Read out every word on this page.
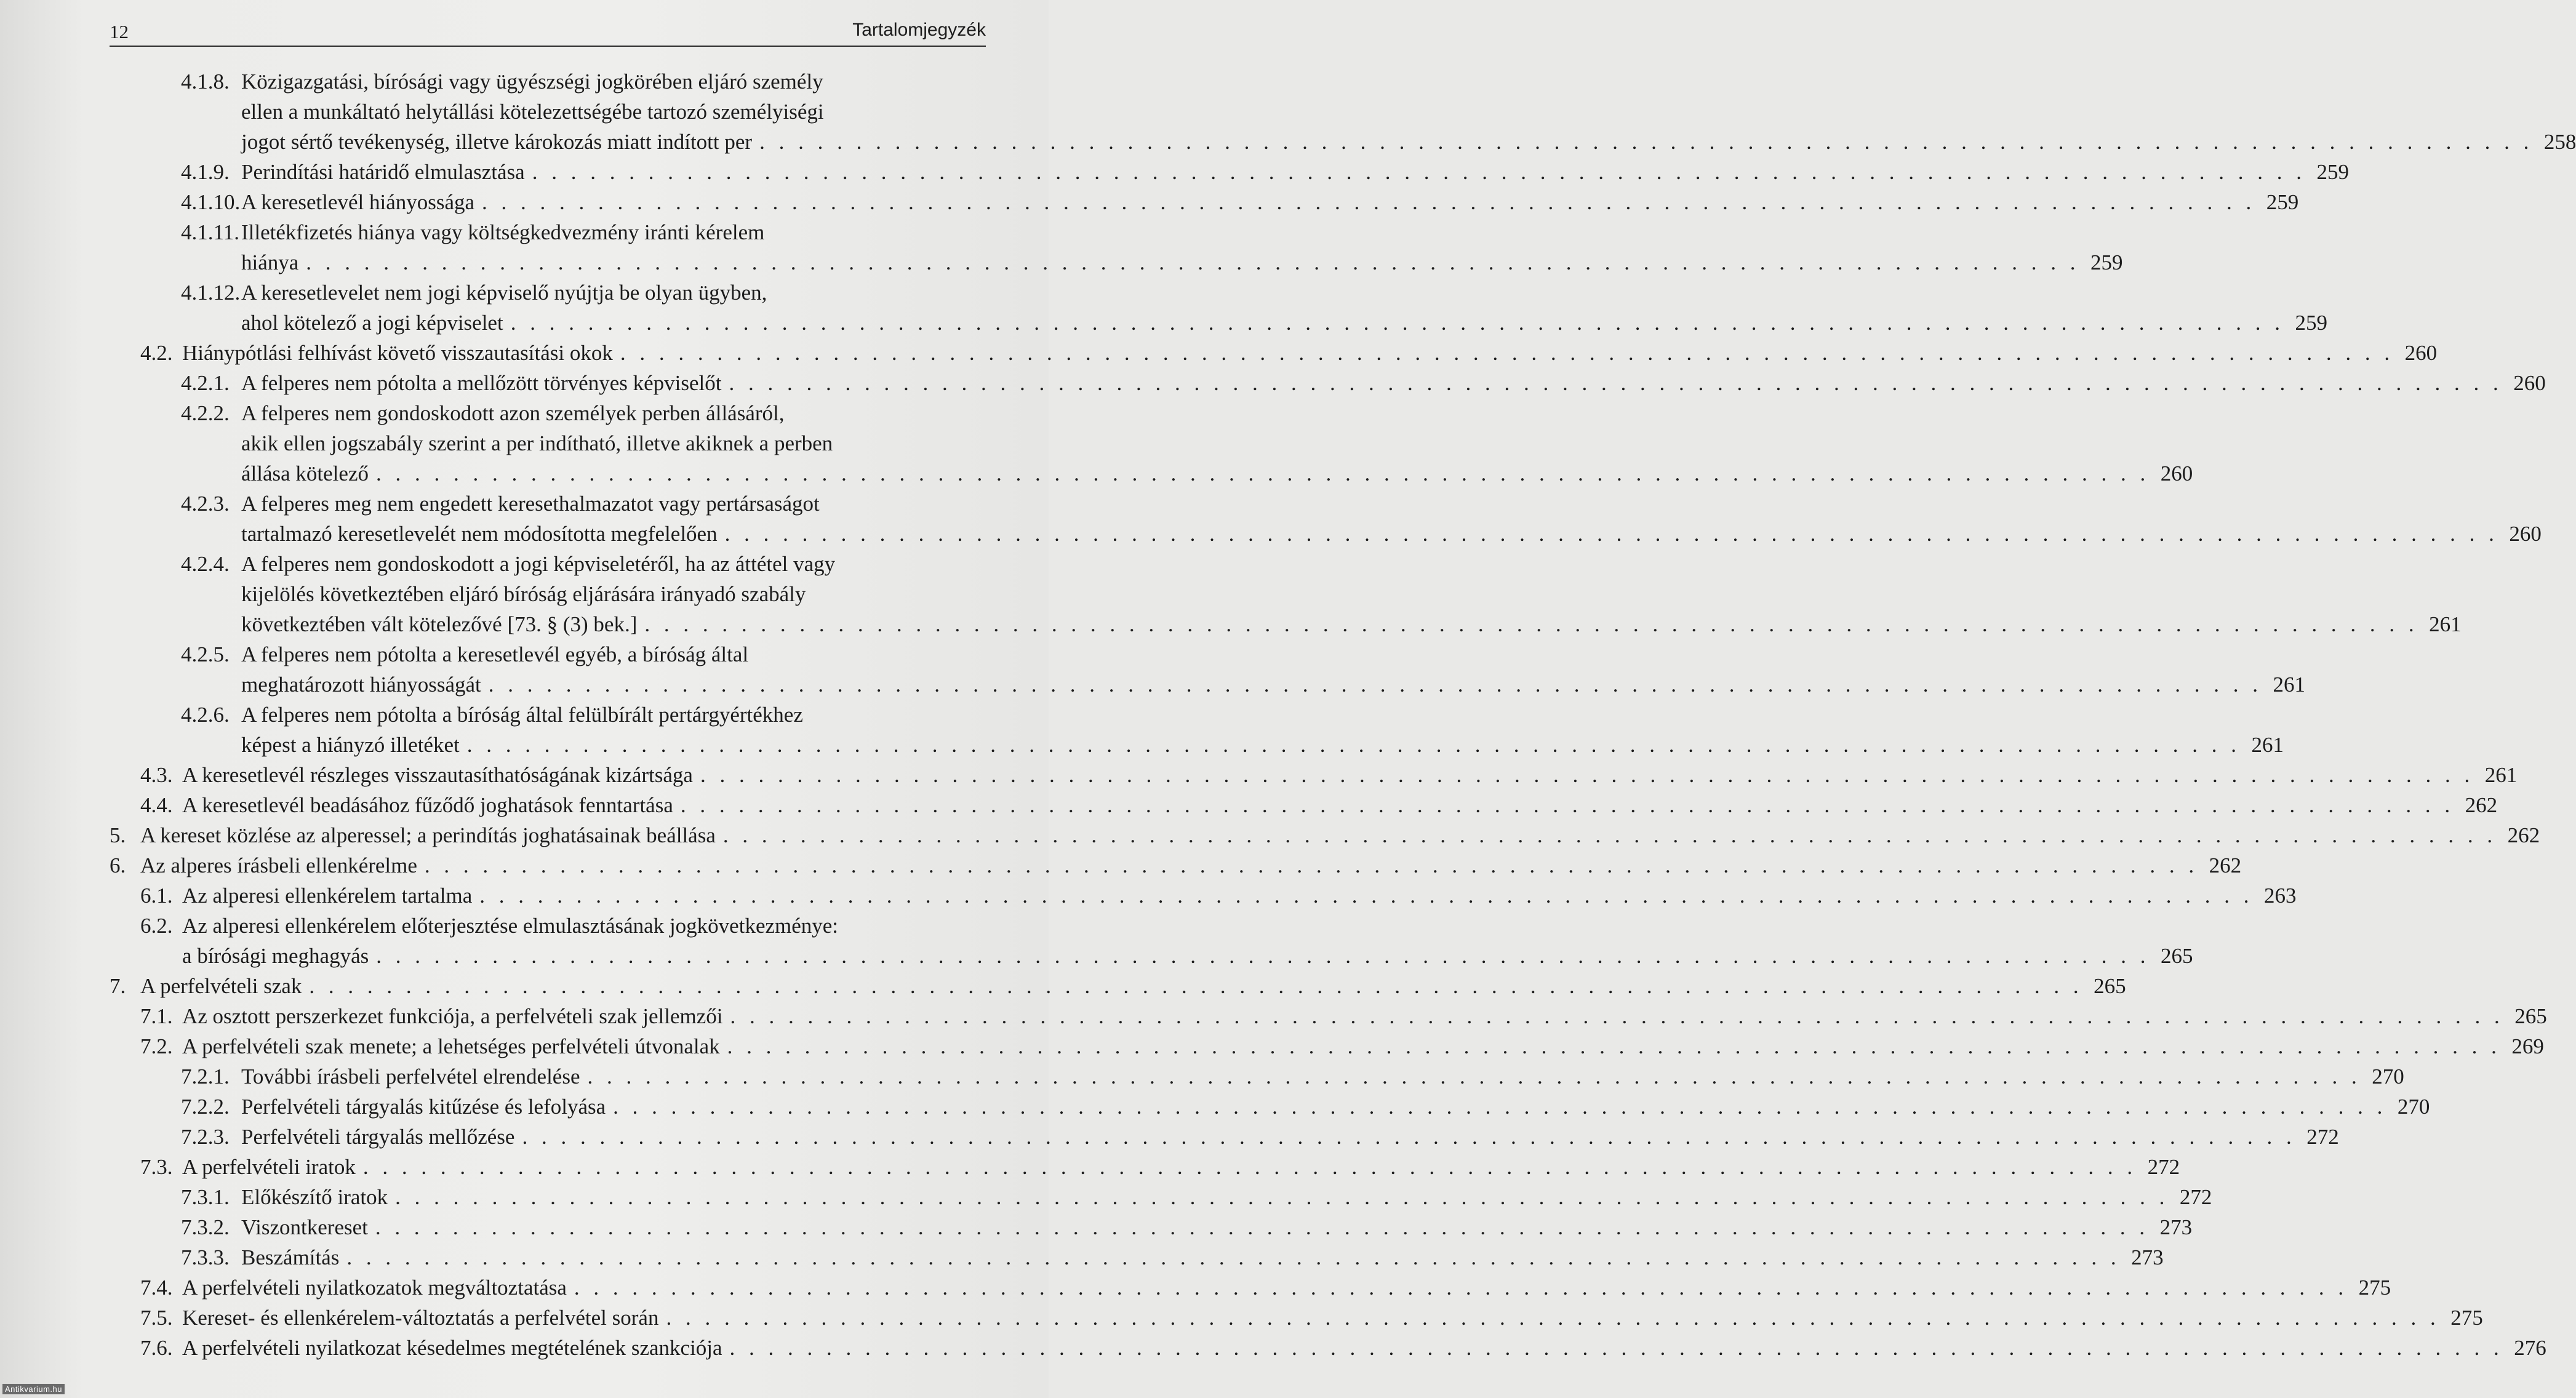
12	Tartalomjegyzék
4.1.8. Közigazgatási, bírósági vagy ügyészségi jogkörében eljáró személy
ellen a munkáltató helytállási kötelezettségébe tartozó személyiségi
jogot sértő tevékenység, illetve károkozás miatt indított per . . . . . . . . . . . . . . . . . . . . . . . . . . . . . . . . . . . . . . . . . . . . . . . . . . . . . . . . . . . . . . . . . . . . . . . . . . . . . . . . . . . . . . . . . . . . 258
4.1.9. Perindítási határidő elmulasztása . . . . . . . . . . . . . . . . . . . . . . . . . . . . . . . . . . . . . . . . . . . . . . . . . . . . . . . . . . . . . . . . . . . . . . . . . . . . . . . . . . . . . . . . . . . . 259
4.1.10. A keresetlevél hiányossága . . . . . . . . . . . . . . . . . . . . . . . . . . . . . . . . . . . . . . . . . . . . . . . . . . . . . . . . . . . . . . . . . . . . . . . . . . . . . . . . . . . . . . . . . . . . 259
4.1.11. Illetékfizetés hiánya vagy költségkedvezmény iránti kérelem
hiánya . . . . . . . . . . . . . . . . . . . . . . . . . . . . . . . . . . . . . . . . . . . . . . . . . . . . . . . . . . . . . . . . . . . . . . . . . . . . . . . . . . . . . . . . . . . . 259
4.1.12. A keresetlevelet nem jogi képviselő nyújtja be olyan ügyben,
ahol kötelező a jogi képviselet . . . . . . . . . . . . . . . . . . . . . . . . . . . . . . . . . . . . . . . . . . . . . . . . . . . . . . . . . . . . . . . . . . . . . . . . . . . . . . . . . . . . . . . . . . . . 259
4.2. Hiánypótlási felhívást követő visszautasítási okok . . . . . . . . . . . . . . . . . . . . . . . . . . . . . . . . . . . . . . . . . . . . . . . . . . . . . . . . . . . . . . . . . . . . . . . . . . . . . . . . . . . . . . . . . . . . 260
4.2.1. A felperes nem pótolta a mellőzött törvényes képviselőt . . . . . . . . . . . . . . . . . . . . . . . . . . . . . . . . . . . . . . . . . . . . . . . . . . . . . . . . . . . . . . . . . . . . . . . . . . . . . . . . . . . . . . . . . . . . 260
4.2.2. A felperes nem gondoskodott azon személyek perben állásáról,
akik ellen jogszabály szerint a per indítható, illetve akiknek a perben
állása kötelező . . . . . . . . . . . . . . . . . . . . . . . . . . . . . . . . . . . . . . . . . . . . . . . . . . . . . . . . . . . . . . . . . . . . . . . . . . . . . . . . . . . . . . . . . . . . 260
4.2.3. A felperes meg nem engedett keresethalmazatot vagy pertársaságot
tartalmazó keresetlevelét nem módosította megfelelően . . . . . . . . . . . . . . . . . . . . . . . . . . . . . . . . . . . . . . . . . . . . . . . . . . . . . . . . . . . . . . . . . . . . . . . . . . . . . . . . . . . . . . . . . . . . 260
4.2.4. A felperes nem gondoskodott a jogi képviseletéről, ha az áttétel vagy
kijelölés következtében eljáró bíróság eljárására irányadó szabály
következtében vált kötelezővé [73. § (3) bek.] . . . . . . . . . . . . . . . . . . . . . . . . . . . . . . . . . . . . . . . . . . . . . . . . . . . . . . . . . . . . . . . . . . . . . . . . . . . . . . . . . . . . . . . . . . . . 261
4.2.5. A felperes nem pótolta a keresetlevél egyéb, a bíróság által
meghatározott hiányosságát . . . . . . . . . . . . . . . . . . . . . . . . . . . . . . . . . . . . . . . . . . . . . . . . . . . . . . . . . . . . . . . . . . . . . . . . . . . . . . . . . . . . . . . . . . . . 261
4.2.6. A felperes nem pótolta a bíróság által felülbírált pertárgyértékhez
képest a hiányzó illetéket . . . . . . . . . . . . . . . . . . . . . . . . . . . . . . . . . . . . . . . . . . . . . . . . . . . . . . . . . . . . . . . . . . . . . . . . . . . . . . . . . . . . . . . . . . . . 261
4.3. A keresetlevél részleges visszautasíthatóságának kizártsága . . . . . . . . . . . . . . . . . . . . . . . . . . . . . . . . . . . . . . . . . . . . . . . . . . . . . . . . . . . . . . . . . . . . . . . . . . . . . . . . . . . . . . . . . . . . 261
4.4. A keresetlevél beadásához fűződő joghatások fenntartása . . . . . . . . . . . . . . . . . . . . . . . . . . . . . . . . . . . . . . . . . . . . . . . . . . . . . . . . . . . . . . . . . . . . . . . . . . . . . . . . . . . . . . . . . . . . 262
5. A kereset közlése az alperessel; a perindítás joghatásainak beállása . . . . . . . . . . . . . . . . . . . . . . . . . . . . . . . . . . . . . . . . . . . . . . . . . . . . . . . . . . . . . . . . . . . . . . . . . . . . . . . . . . . . . . . . . . . . 262
6. Az alperes írásbeli ellenkérelme . . . . . . . . . . . . . . . . . . . . . . . . . . . . . . . . . . . . . . . . . . . . . . . . . . . . . . . . . . . . . . . . . . . . . . . . . . . . . . . . . . . . . . . . . . . . 262
6.1. Az alperesi ellenkérelem tartalma . . . . . . . . . . . . . . . . . . . . . . . . . . . . . . . . . . . . . . . . . . . . . . . . . . . . . . . . . . . . . . . . . . . . . . . . . . . . . . . . . . . . . . . . . . . . 263
6.2. Az alperesi ellenkérelem előterjesztése elmulasztásának jogkövetkezménye:
a bírósági meghagyás . . . . . . . . . . . . . . . . . . . . . . . . . . . . . . . . . . . . . . . . . . . . . . . . . . . . . . . . . . . . . . . . . . . . . . . . . . . . . . . . . . . . . . . . . . . . 265
7. A perfelvételi szak . . . . . . . . . . . . . . . . . . . . . . . . . . . . . . . . . . . . . . . . . . . . . . . . . . . . . . . . . . . . . . . . . . . . . . . . . . . . . . . . . . . . . . . . . . . . 265
7.1. Az osztott perszerkezet funkciója, a perfelvételi szak jellemzői . . . . . . . . . . . . . . . . . . . . . . . . . . . . . . . . . . . . . . . . . . . . . . . . . . . . . . . . . . . . . . . . . . . . . . . . . . . . . . . . . . . . . . . . . . . . 265
7.2. A perfelvételi szak menete; a lehetséges perfelvételi útvonalak . . . . . . . . . . . . . . . . . . . . . . . . . . . . . . . . . . . . . . . . . . . . . . . . . . . . . . . . . . . . . . . . . . . . . . . . . . . . . . . . . . . . . . . . . . . . 269
7.2.1. További írásbeli perfelvétel elrendelése . . . . . . . . . . . . . . . . . . . . . . . . . . . . . . . . . . . . . . . . . . . . . . . . . . . . . . . . . . . . . . . . . . . . . . . . . . . . . . . . . . . . . . . . . . . . 270
7.2.2. Perfelvételi tárgyalás kitűzése és lefolyása . . . . . . . . . . . . . . . . . . . . . . . . . . . . . . . . . . . . . . . . . . . . . . . . . . . . . . . . . . . . . . . . . . . . . . . . . . . . . . . . . . . . . . . . . . . . 270
7.2.3. Perfelvételi tárgyalás mellőzése . . . . . . . . . . . . . . . . . . . . . . . . . . . . . . . . . . . . . . . . . . . . . . . . . . . . . . . . . . . . . . . . . . . . . . . . . . . . . . . . . . . . . . . . . . . . 272
7.3. A perfelvételi iratok . . . . . . . . . . . . . . . . . . . . . . . . . . . . . . . . . . . . . . . . . . . . . . . . . . . . . . . . . . . . . . . . . . . . . . . . . . . . . . . . . . . . . . . . . . . . 272
7.3.1. Előkészítő iratok . . . . . . . . . . . . . . . . . . . . . . . . . . . . . . . . . . . . . . . . . . . . . . . . . . . . . . . . . . . . . . . . . . . . . . . . . . . . . . . . . . . . . . . . . . . . 272
7.3.2. Viszontkereset . . . . . . . . . . . . . . . . . . . . . . . . . . . . . . . . . . . . . . . . . . . . . . . . . . . . . . . . . . . . . . . . . . . . . . . . . . . . . . . . . . . . . . . . . . . . 273
7.3.3. Beszámítás . . . . . . . . . . . . . . . . . . . . . . . . . . . . . . . . . . . . . . . . . . . . . . . . . . . . . . . . . . . . . . . . . . . . . . . . . . . . . . . . . . . . . . . . . . . . 273
7.4. A perfelvételi nyilatkozatok megváltoztatása . . . . . . . . . . . . . . . . . . . . . . . . . . . . . . . . . . . . . . . . . . . . . . . . . . . . . . . . . . . . . . . . . . . . . . . . . . . . . . . . . . . . . . . . . . . . 275
7.5. Kereset- és ellenkérelem-változtatás a perfelvétel során . . . . . . . . . . . . . . . . . . . . . . . . . . . . . . . . . . . . . . . . . . . . . . . . . . . . . . . . . . . . . . . . . . . . . . . . . . . . . . . . . . . . . . . . . . . . 275
7.6. A perfelvételi nyilatkozat késedelmes megtételének szankciója . . . . . . . . . . . . . . . . . . . . . . . . . . . . . . . . . . . . . . . . . . . . . . . . . . . . . . . . . . . . . . . . . . . . . . . . . . . . . . . . . . . . . . . . . . . . 276
Antikvarium.hu
